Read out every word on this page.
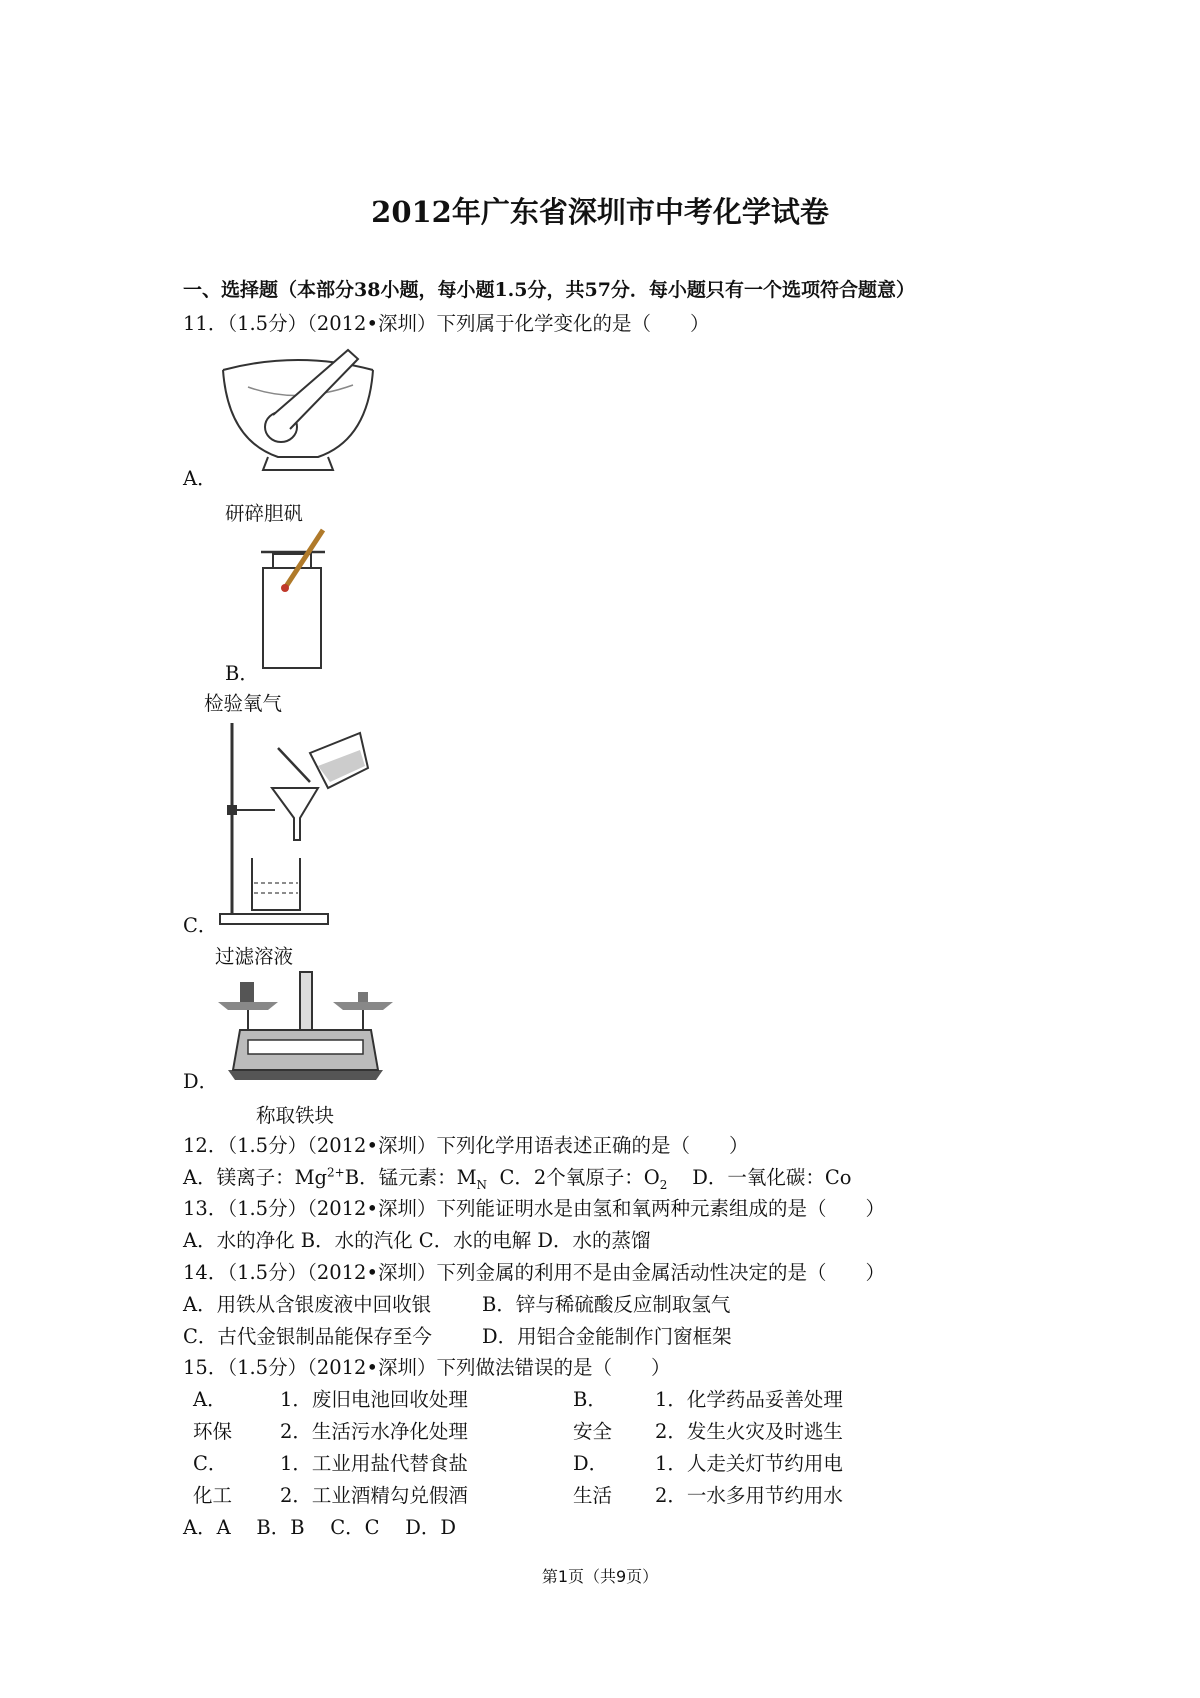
2012年广东省深圳市中考化学试卷
一、选择题（本部分38小题，每小题1.5分，共57分．每小题只有一个选项符合题意）
11．（1.5分）（2012•深圳）下列属于化学变化的是（　　）
A．
研碎胆矾
B．
检验氧气
C．
过滤溶液
D．
称取铁块
12．（1.5分）（2012•深圳）下列化学用语表述正确的是（　　）
A．镁离子：$Mg^{2+}B$．锰元素：$M_N$ C．2个氧原子：$O_2$ D．一氧化碳：Co
13．（1.5分）（2012•深圳）下列能证明水是由氢和氧两种元素组成的是（　　）
A．水的净化 B．水的汽化 C．水的电解 D．水的蒸馏
14．（1.5分）（2012•深圳）下列金属的利用不是由金属活动性决定的是（　　）
A．用铁从含银废液中回收银	B．锌与稀硫酸反应制取氢气
C．古代金银制品能保存至今	D．用铝合金能制作门窗框架
15．（1.5分）（2012•深圳）下列做法错误的是（　　）
A．	1．废旧电池回收处理	B． 1．化学药品妥善处理
环保 2．生活污水净化处理	安全 2．发生火灾及时逃生
C．	1．工业用盐代替食盐	D． 1．人走关灯节约用电
化工 2．工业酒精勾兑假酒	生活 2．一水多用节约用水
A．A　 B．B　 C．C　 D．D
第1页（共9页）
